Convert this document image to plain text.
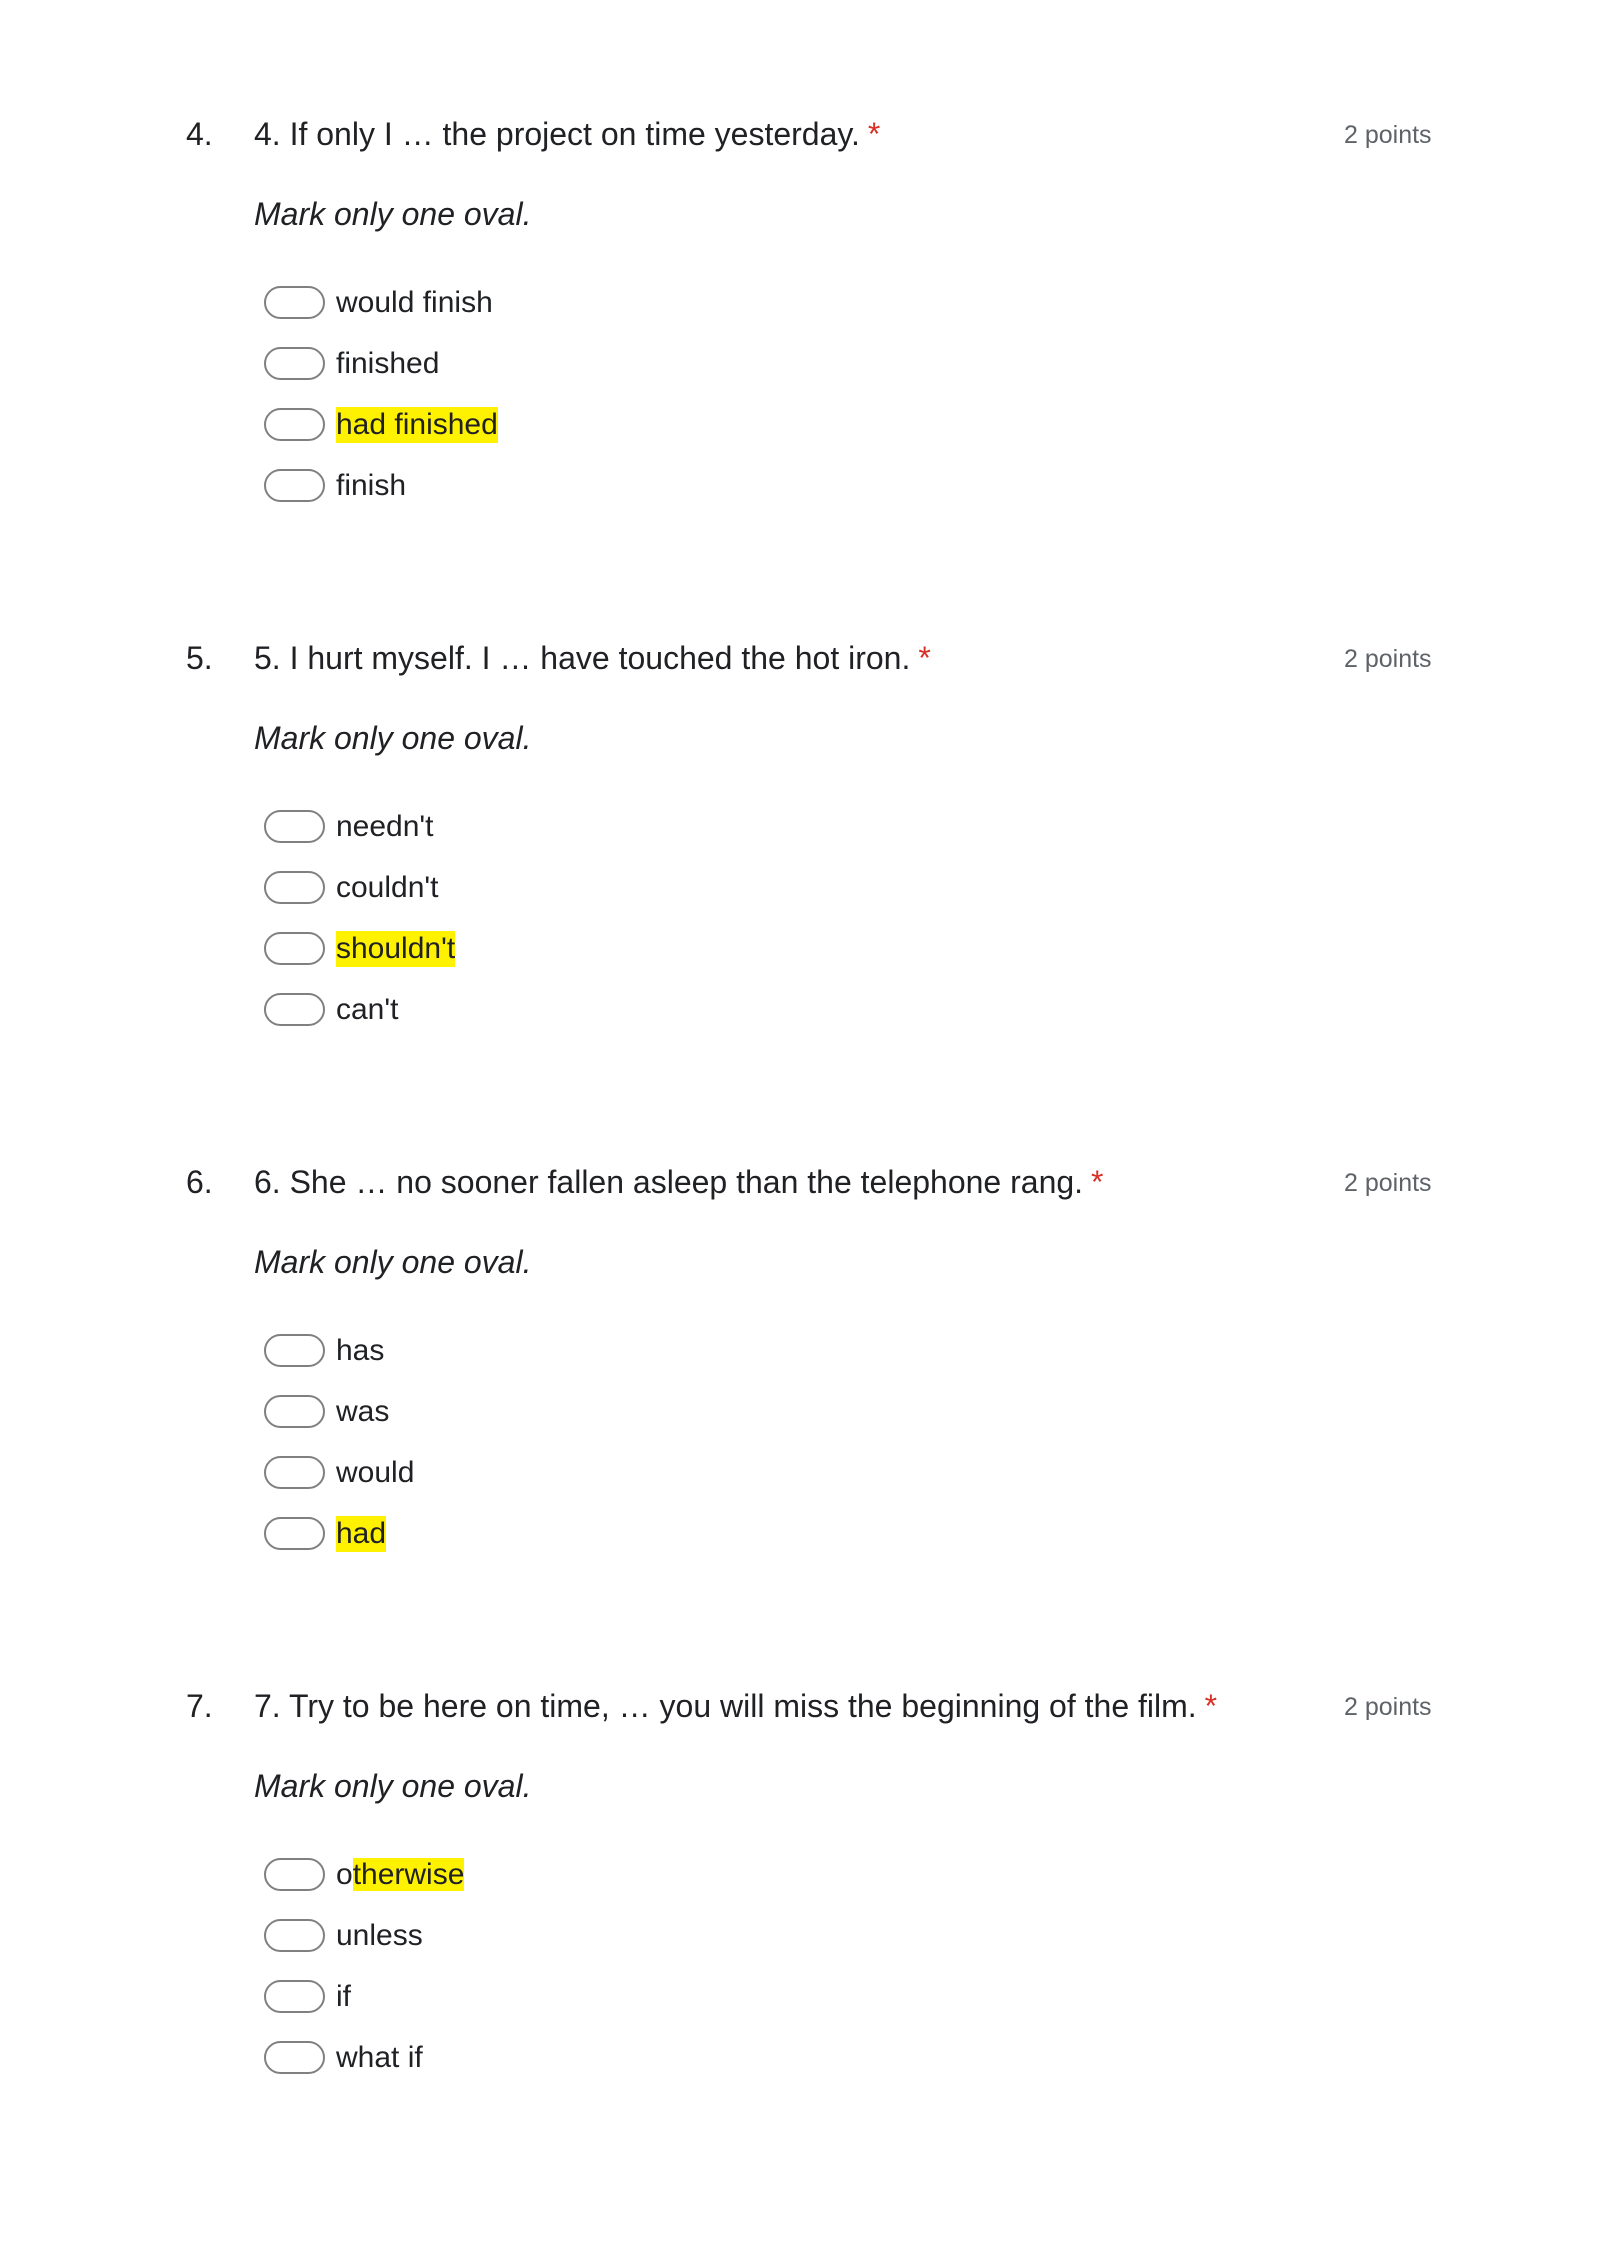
4. 4. If only I … the project on time yesterday. *	2 points
Mark only one oval.
would finish
finished
had finished
finish
5. 5. I hurt myself. I … have touched the hot iron. *	2 points
Mark only one oval.
needn't
couldn't
shouldn't
can't
6. 6. She … no sooner fallen asleep than the telephone rang. *	2 points
Mark only one oval.
has
was
would
had
7. 7. Try to be here on time, … you will miss the beginning of the film. *	2 points
Mark only one oval.
otherwise
unless
if
what if
